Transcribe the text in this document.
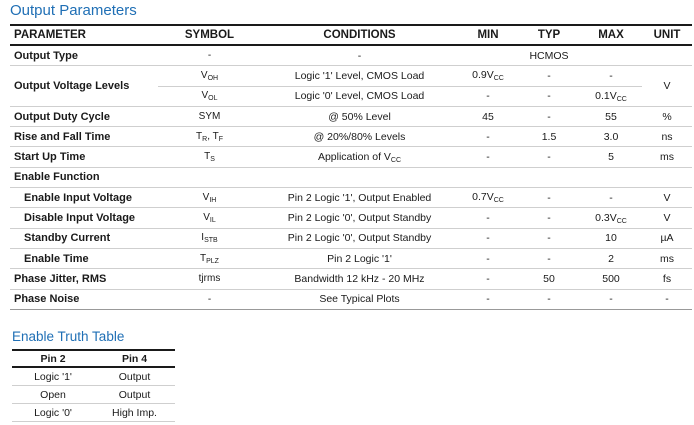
Output Parameters
PARAMETER	SYMBOL	CONDITIONS	MIN	TYP	MAX	UNIT
Output Type	-	-		HCMOS		
Output Voltage Levels	$V_{OH}$	Logic '1' Level, CMOS Load	$0.9V_{CC}$	-	-	V
	$V_{OL}$	Logic '0' Level, CMOS Load	-	-	$0.1V_{CC}$
Output Duty Cycle	SYM	@ 50% Level	45	-	55	%
Rise and Fall Time	$T_R$, $T_F$	@ 20%/80% Levels	-	1.5	3.0	ns
Start Up Time	$T_S$	Application of $V_{CC}$	-	-	5	ms
Enable Function						
Enable Input Voltage	$V_{IH}$	Pin 2 Logic '1', Output Enabled	$0.7V_{CC}$	-	-	V
Disable Input Voltage	$V_{IL}$	Pin 2 Logic '0', Output Standby	-	-	$0.3V_{CC}$	V
Standby Current	$I_{STB}$	Pin 2 Logic '0', Output Standby	-	-	10	µA
Enable Time	$T_{PLZ}$	Pin 2 Logic '1'	-	-	2	ms
Phase Jitter, RMS	tjrms	Bandwidth 12 kHz - 20 MHz	-	50	500	fs
Phase Noise	-	See Typical Plots	-	-	-	-
Enable Truth Table
Pin 2	Pin 4
Logic '1'	Output
Open	Output
Logic '0'	High Imp.
